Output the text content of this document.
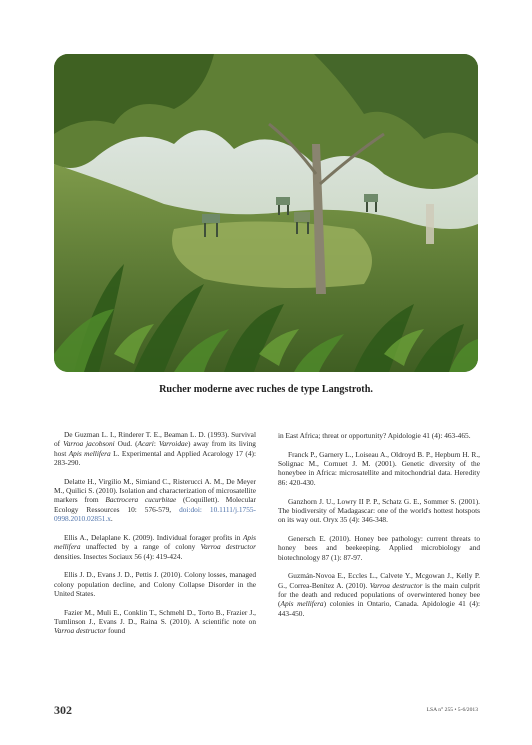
Rucher moderne avec ruches de type Langstroth.

De Guzman L. I., Rinderer T. E., Beaman L. D. (1993). Survival of Varroa jacobsoni Oud. (Acari: Varroidae) away from its living host Apis mellifera L. Experimental and Applied Acarology 17 (4): 283-290.

Delatte H., Virgilio M., Simiand C., Risterucci A. M., De Meyer M., Quilici S. (2010). Isolation and characterization of microsatellite markers from Bactrocera cucurbitae (Coquillett). Molecular Ecology Ressources 10: 576-579, doi:doi: 10.1111/j.1755-0998.2010.02851.x.

Ellis A., Delaplane K. (2009). Individual forager profits in Apis mellifera unaffected by a range of colony Varroa destructor densities. Insectes Sociaux 56 (4): 419-424.

Ellis J. D., Evans J. D., Pettis J. (2010). Colony losses, managed colony population decline, and Colony Collapse Disorder in the United States.

Fazier M., Muli E., Conklin T., Schmehl D., Torto B., Frazier J., Tumlinson J., Evans J. D., Raina S. (2010). A scientific note on Varroa destructor found

in East Africa; threat or opportunity? Apidologie 41 (4): 463-465.

Franck P., Garnery L., Loiseau A., Oldroyd B. P., Hepburn H. R., Solignac M., Cornuet J. M. (2001). Genetic diversity of the honeybee in Africa: microsatellite and mitochondrial data. Heredity 86: 420-430.

Ganzhorn J. U., Lowry II P. P., Schatz G. E., Sommer S. (2001). The biodiversity of Madagascar: one of the world's hottest hotspots on its way out. Oryx 35 (4): 346-348.

Genersch E. (2010). Honey bee pathology: current threats to honey bees and beekeeping. Applied microbiology and biotechnology 87 (1): 87-97.

Guzmán-Novoa E., Eccles L., Calvete Y., Mcgowan J., Kelly P. G., Correa-Benítez A. (2010). Varroa destructor is the main culprit for the death and reduced populations of overwintered honey bee (Apis mellifera) colonies in Ontario, Canada. Apidologie 41 (4): 443-450.

302	LSA n° 255 • 5-6/2013
